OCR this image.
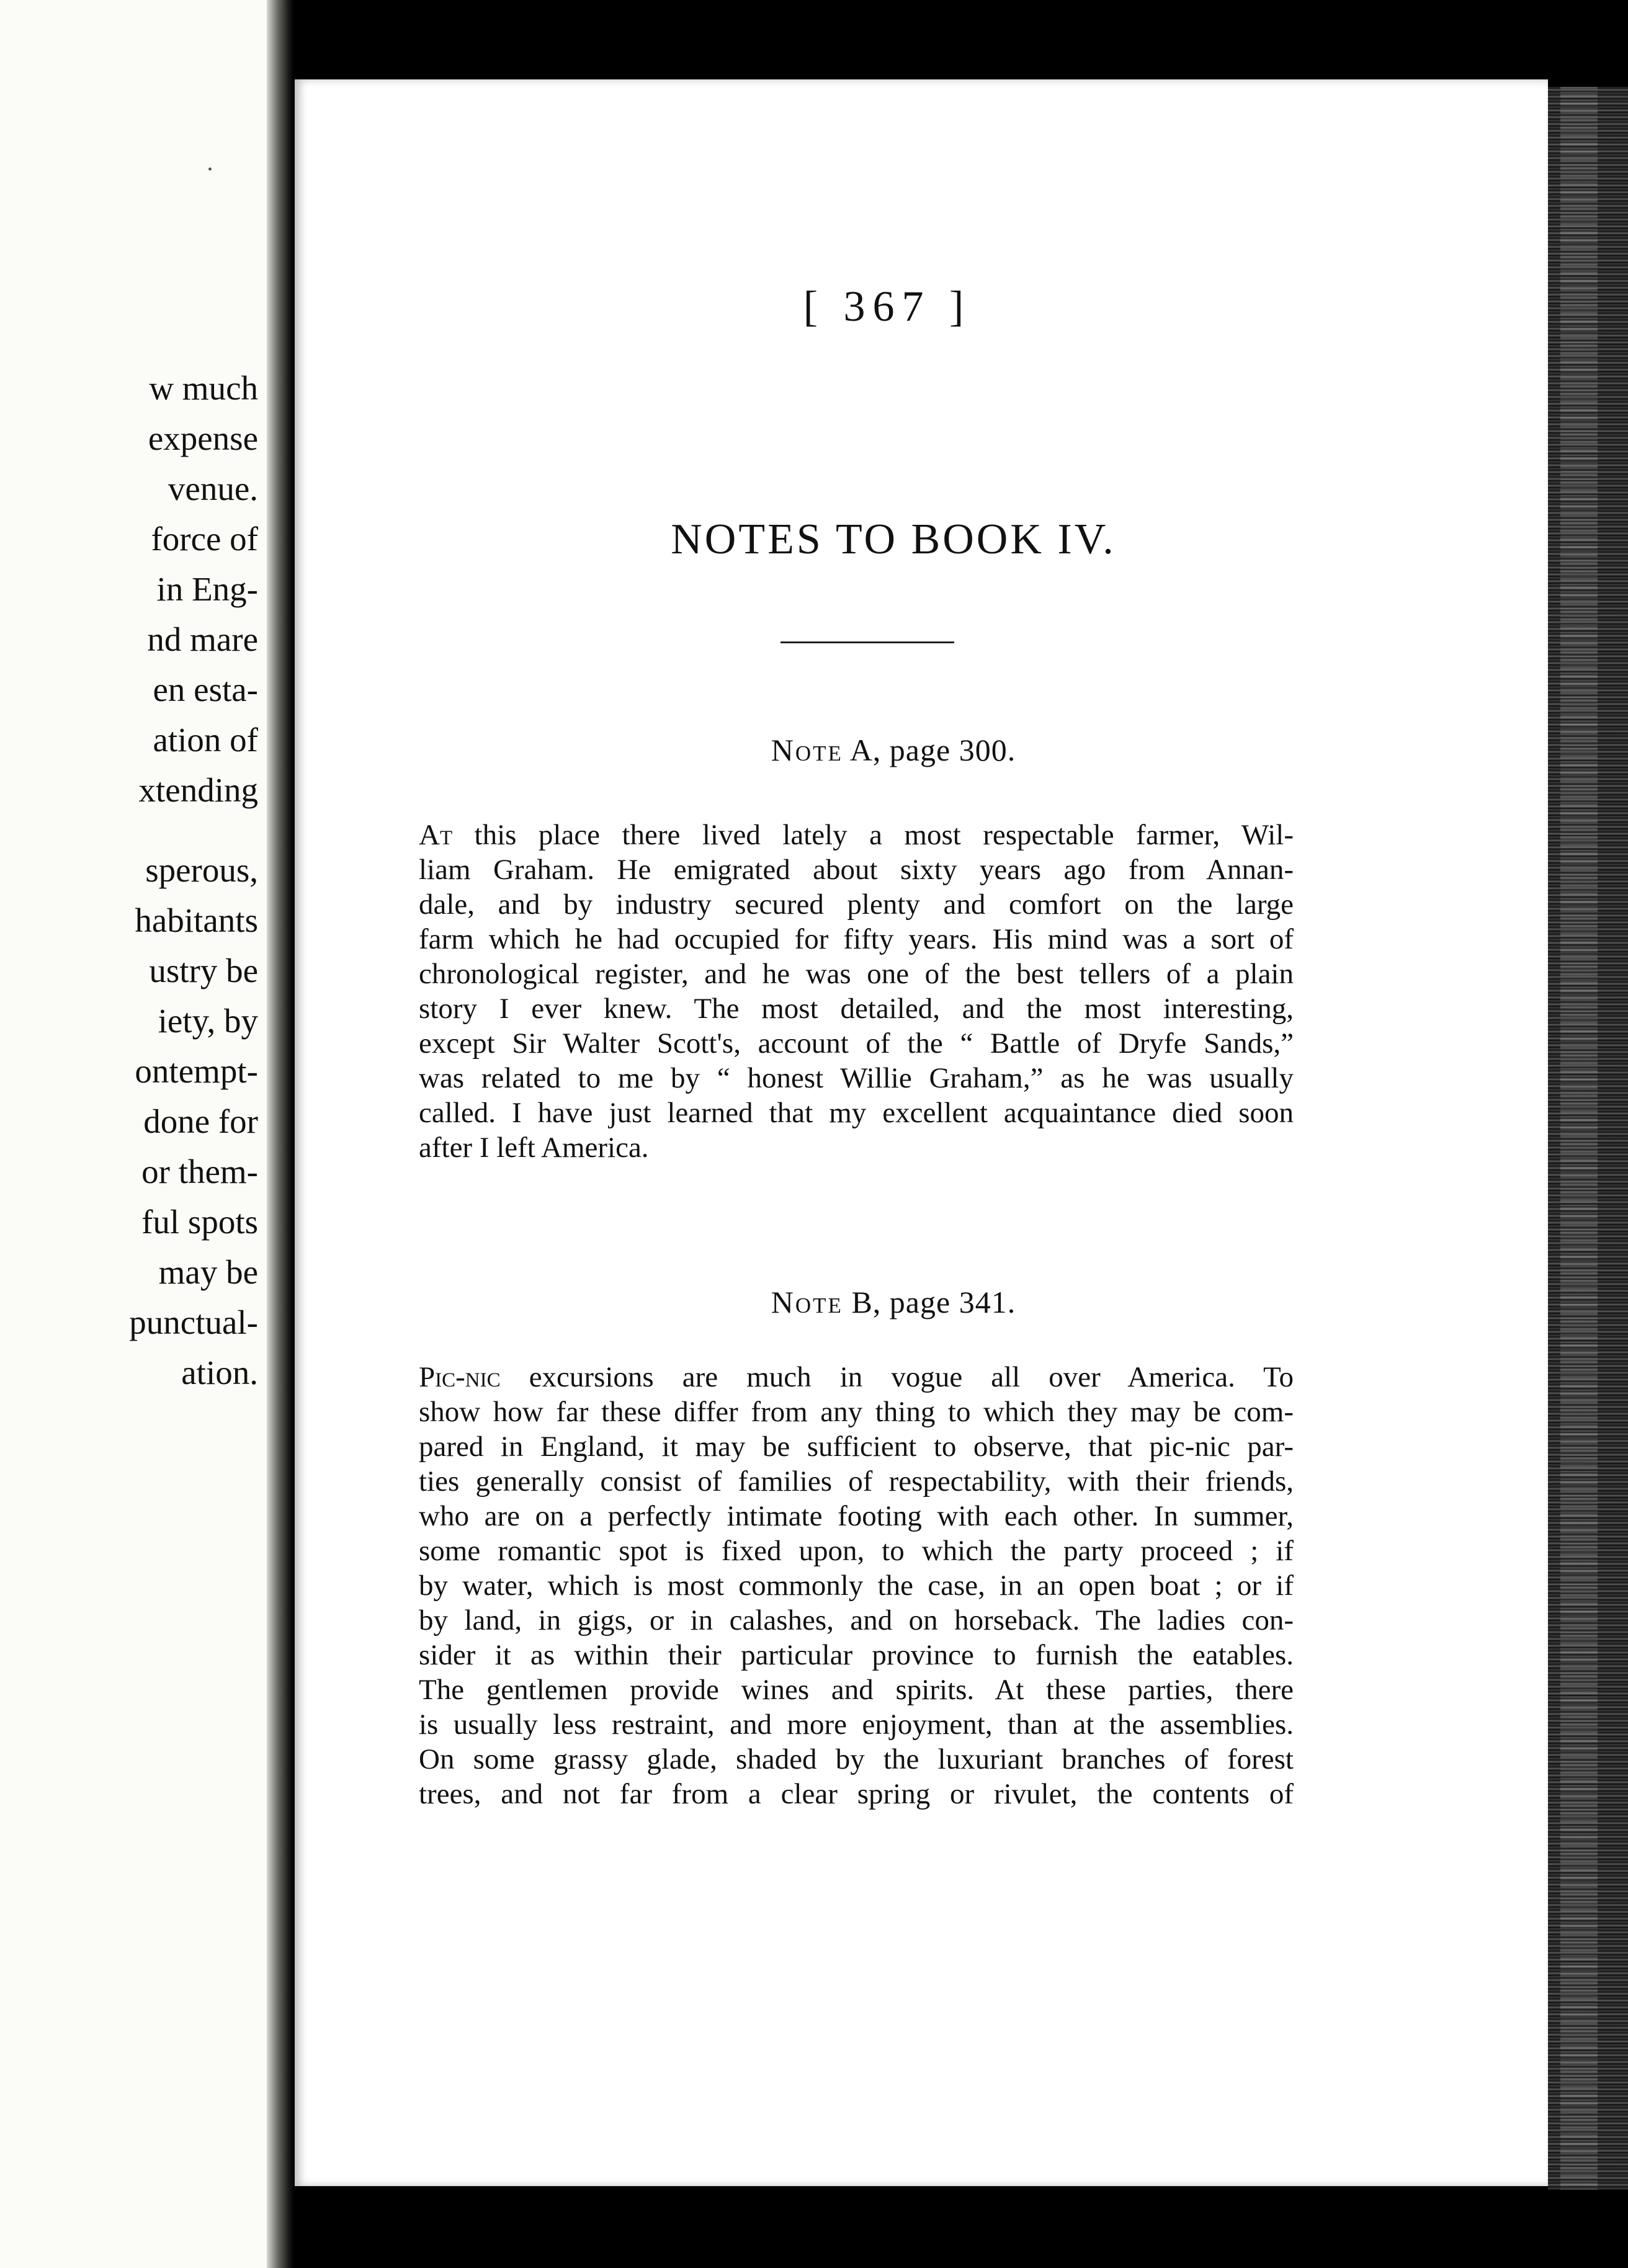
w much
expense
venue.
force of
in Eng-
nd mare
en esta-
ation of
xtending
sperous,
habitants
ustry be
iety, by
ontempt-
done for
or them-
ful spots
may be
punctual-
ation.
[ 367 ]
NOTES TO BOOK IV.
Note A, page 300.
At this place there lived lately a most respectable farmer, Wil-
liam Graham. He emigrated about sixty years ago from Annan-
dale, and by industry secured plenty and comfort on the large
farm which he had occupied for fifty years. His mind was a sort of
chronological register, and he was one of the best tellers of a plain
story I ever knew. The most detailed, and the most interesting,
except Sir Walter Scott's, account of the “ Battle of Dryfe Sands,”
was related to me by “ honest Willie Graham,” as he was usually
called. I have just learned that my excellent acquaintance died soon
after I left America.
Note B, page 341.
Pic-nic excursions are much in vogue all over America. To
show how far these differ from any thing to which they may be com-
pared in England, it may be sufficient to observe, that pic-nic par-
ties generally consist of families of respectability, with their friends,
who are on a perfectly intimate footing with each other. In summer,
some romantic spot is fixed upon, to which the party proceed ; if
by water, which is most commonly the case, in an open boat ; or if
by land, in gigs, or in calashes, and on horseback. The ladies con-
sider it as within their particular province to furnish the eatables.
The gentlemen provide wines and spirits. At these parties, there
is usually less restraint, and more enjoyment, than at the assemblies.
On some grassy glade, shaded by the luxuriant branches of forest
trees, and not far from a clear spring or rivulet, the contents of
